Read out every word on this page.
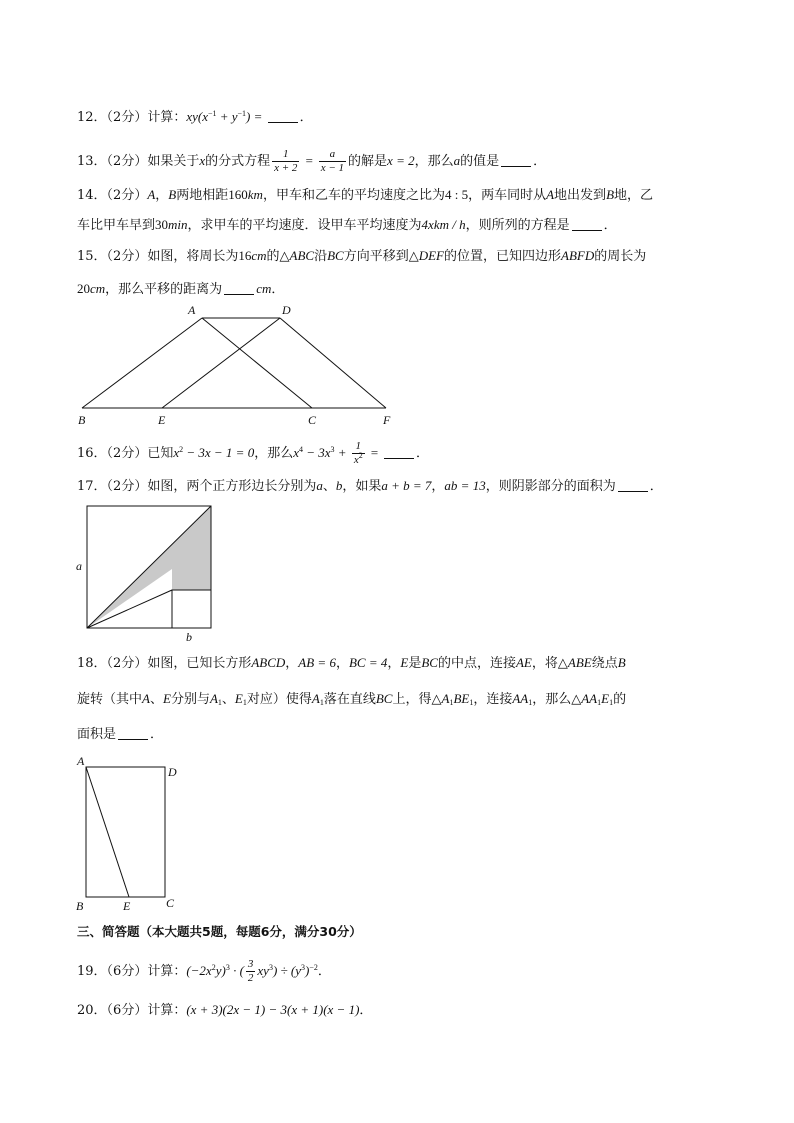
12．（2分）计算：$xy(x^{-1} + y^{-1})$ =	．
13．（2分）如果关于x的分式方程 $\frac{1}{x + 2} = \frac{a}{x - 1}$ 的解是x = 2，那么a的值是	．
14．（2分）A，B两地相距160km，甲车和乙车的平均速度之比为4 : 5，两车同时从A地出发到B地，乙
车比甲车早到30min，求甲车的平均速度．设甲车平均速度为4xkm / h，则所列的方程是	．
15．（2分）如图，将周长为16cm的△ABC沿BC方向平移到△DEF的位置，已知四边形ABFD的周长为
20cm，那么平移的距离为	cm．
A	D
B	E	C	F
16．（2分）已知$x^2 - 3x - 1 = 0$，那么$x^4 - 3x^3 + \frac{1}{x^2}$ =	．
17．（2分）如图，两个正方形边长分别为a、b，如果a + b = 7，ab = 13，则阴影部分的面积为	．
a
b
18．（2分）如图，已知长方形ABCD，AB = 6，BC = 4，E是BC的中点，连接AE，将△ABE绕点B
旋转（其中A、E分别与$A_1$、$E_1$对应）使得$A_1$落在直线BC上，得$\triangle A_1BE_1$，连接$AA_1$，那么$\triangle AA_1E_1$的
面积是	．
A
D
B	E	C
三、简答题（本大题共5题，每题6分，满分30分）
19．（6分）计算：$(-2x^2y)^3$ · ( $\frac{3}{2} xy^3) \div (y^3)^{-2}$．
20．（6分）计算：(x + 3)(2x − 1) − 3(x + 1)(x − 1)．
